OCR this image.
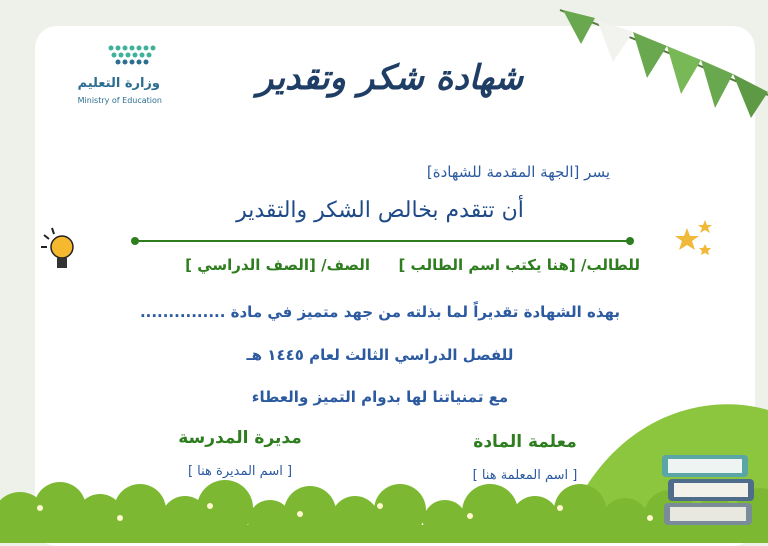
وزارة التعليم
Ministry of Education
شهادة شكر وتقدير
يسر [الجهة المقدمة للشهادة]
أن تتقدم بخالص الشكر والتقدير
للطالب/ [هنا يكتب اسم الطالب ]
الصف/ [الصف الدراسي ]
بهذه الشهادة تقديراً لما بذلته من جهد متميز في مادة ...............
للفصل الدراسي الثالث لعام ١٤٤٥ هـ
مع تمنياتنا لها بدوام التميز والعطاء
معلمة المادة
[ اسم المعلمة هنا ]
مديرة المدرسة
[ اسم المديرة هنا ]
